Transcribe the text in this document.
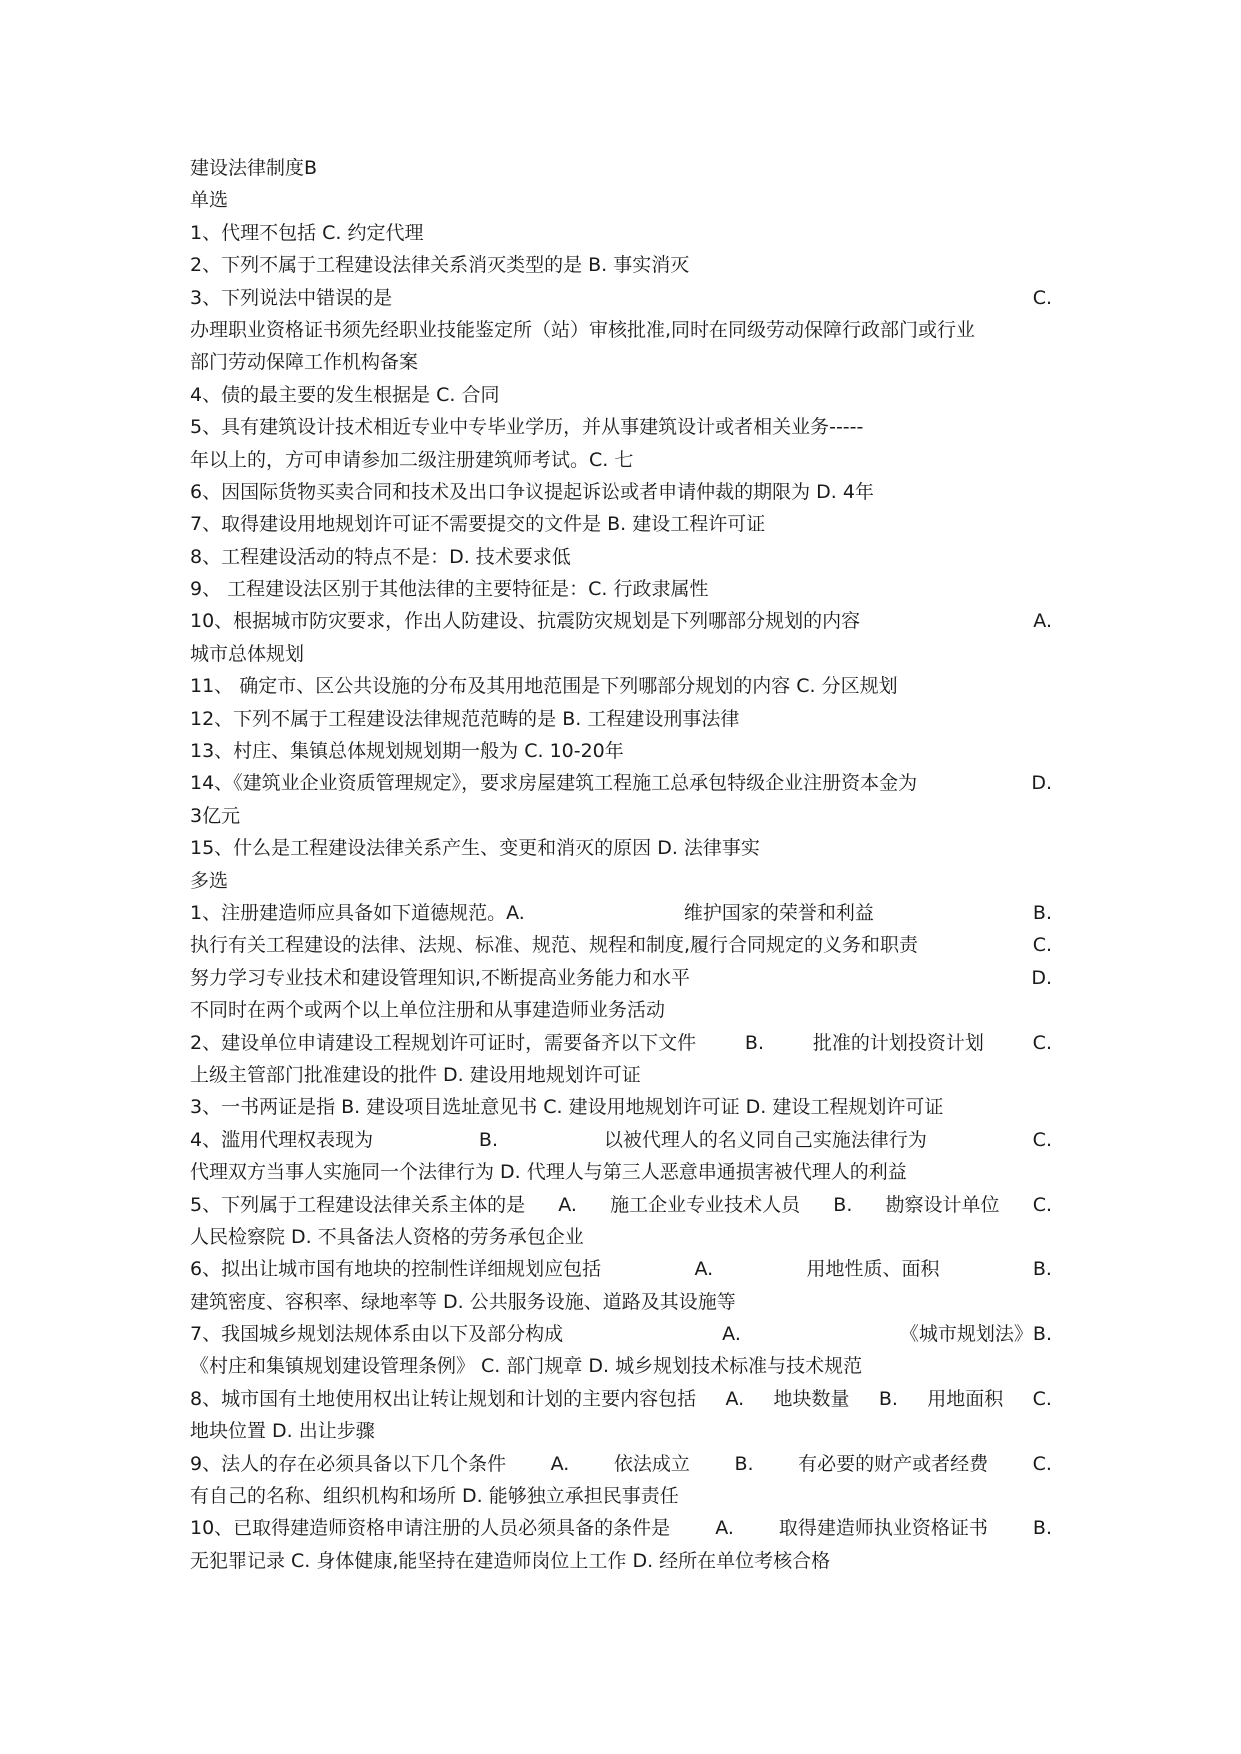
建设法律制度B
单选
1、代理不包括 C. 约定代理
2、下列不属于工程建设法律关系消灭类型的是 B. 事实消灭
3、下列说法中错误的是	C.
办理职业资格证书须先经职业技能鉴定所（站）审核批准,同时在同级劳动保障行政部门或行业
部门劳动保障工作机构备案
4、债的最主要的发生根据是 C. 合同
5、具有建筑设计技术相近专业中专毕业学历，并从事建筑设计或者相关业务-----
年以上的，方可申请参加二级注册建筑师考试。C. 七
6、因国际货物买卖合同和技术及出口争议提起诉讼或者申请仲裁的期限为 D. 4年
7、取得建设用地规划许可证不需要提交的文件是 B. 建设工程许可证
8、工程建设活动的特点不是：D. 技术要求低
9、 工程建设法区别于其他法律的主要特征是：C. 行政隶属性
10、根据城市防灾要求，作出人防建设、抗震防灾规划是下列哪部分规划的内容	A.
城市总体规划
11、 确定市、区公共设施的分布及其用地范围是下列哪部分规划的内容 C. 分区规划
12、下列不属于工程建设法律规范范畴的是 B. 工程建设刑事法律
13、村庄、集镇总体规划规划期一般为 C. 10-20年
14、《建筑业企业资质管理规定》，要求房屋建筑工程施工总承包特级企业注册资本金为	D.
3亿元
15、什么是工程建设法律关系产生、变更和消灭的原因 D. 法律事实
多选
1、注册建造师应具备如下道德规范。A.	维护国家的荣誉和利益	B.
执行有关工程建设的法律、法规、标准、规范、规程和制度,履行合同规定的义务和职责	C.
努力学习专业技术和建设管理知识,不断提高业务能力和水平	D.
不同时在两个或两个以上单位注册和从事建造师业务活动
2、建设单位申请建设工程规划许可证时，需要备齐以下文件	B.	批准的计划投资计划	C.
上级主管部门批准建设的批件 D. 建设用地规划许可证
3、一书两证是指 B. 建设项目选址意见书 C. 建设用地规划许可证 D. 建设工程规划许可证
4、滥用代理权表现为	B.	以被代理人的名义同自己实施法律行为	C.
代理双方当事人实施同一个法律行为 D. 代理人与第三人恶意串通损害被代理人的利益
5、下列属于工程建设法律关系主体的是 A. 施工企业专业技术人员 B. 勘察设计单位 C.
人民检察院 D. 不具备法人资格的劳务承包企业
6、拟出让城市国有地块的控制性详细规划应包括	A.	用地性质、面积	B.
建筑密度、容积率、绿地率等 D. 公共服务设施、道路及其设施等
7、我国城乡规划法规体系由以下及部分构成	A.	《城市规划法》B.
《村庄和集镇规划建设管理条例》 C. 部门规章 D. 城乡规划技术标准与技术规范
8、城市国有土地使用权出让转让规划和计划的主要内容包括 A. 地块数量 B. 用地面积 C.
地块位置 D. 出让步骤
9、法人的存在必须具备以下几个条件 A. 依法成立 B. 有必要的财产或者经费 C.
有自己的名称、组织机构和场所 D. 能够独立承担民事责任
10、已取得建造师资格申请注册的人员必须具备的条件是 A. 取得建造师执业资格证书 B.
无犯罪记录 C. 身体健康,能坚持在建造师岗位上工作 D. 经所在单位考核合格
